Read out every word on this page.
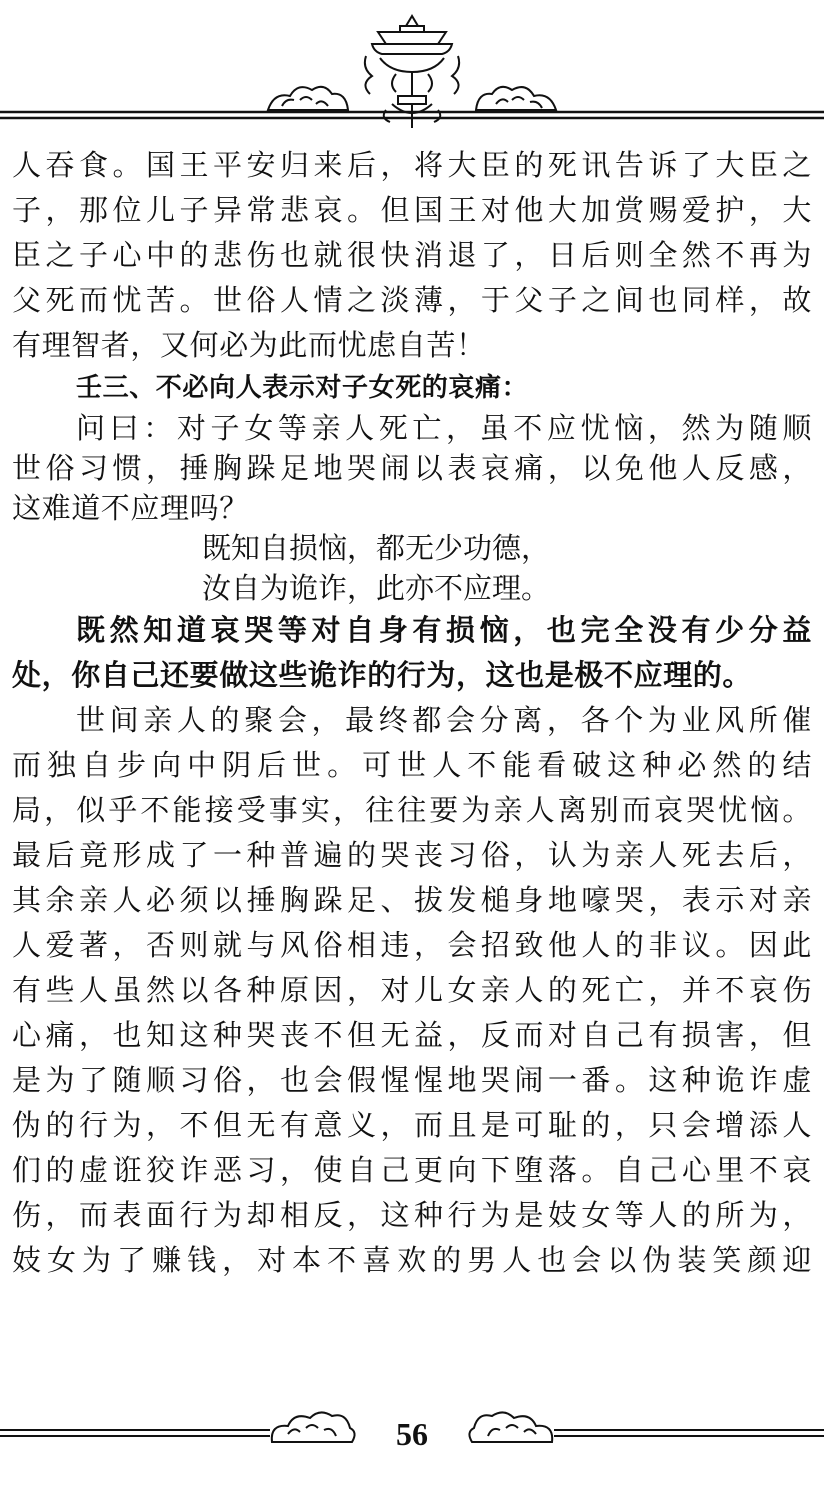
人吞食。国王平安归来后，将大臣的死讯告诉了大臣之
子，那位儿子异常悲哀。但国王对他大加赏赐爱护，大
臣之子心中的悲伤也就很快消退了，日后则全然不再为
父死而忧苦。世俗人情之淡薄，于父子之间也同样，故
有理智者，又何必为此而忧虑自苦！
壬三、不必向人表示对子女死的哀痛：
问曰：对子女等亲人死亡，虽不应忧恼，然为随顺
世俗习惯，捶胸跺足地哭闹以表哀痛，以免他人反感，
这难道不应理吗？
既知自损恼，都无少功德，
汝自为诡诈，此亦不应理。
既然知道哀哭等对自身有损恼，也完全没有少分益
处，你自己还要做这些诡诈的行为，这也是极不应理的。
世间亲人的聚会，最终都会分离，各个为业风所催
而独自步向中阴后世。可世人不能看破这种必然的结
局，似乎不能接受事实，往往要为亲人离别而哀哭忧恼。
最后竟形成了一种普遍的哭丧习俗，认为亲人死去后，
其余亲人必须以捶胸跺足、拔发槌身地嚎哭，表示对亲
人爱著，否则就与风俗相违，会招致他人的非议。因此
有些人虽然以各种原因，对儿女亲人的死亡，并不哀伤
心痛，也知这种哭丧不但无益，反而对自己有损害，但
是为了随顺习俗，也会假惺惺地哭闹一番。这种诡诈虚
伪的行为，不但无有意义，而且是可耻的，只会增添人
们的虚诳狡诈恶习，使自己更向下堕落。自己心里不哀
伤，而表面行为却相反，这种行为是妓女等人的所为，
妓女为了赚钱，对本不喜欢的男人也会以伪装笑颜迎
56
